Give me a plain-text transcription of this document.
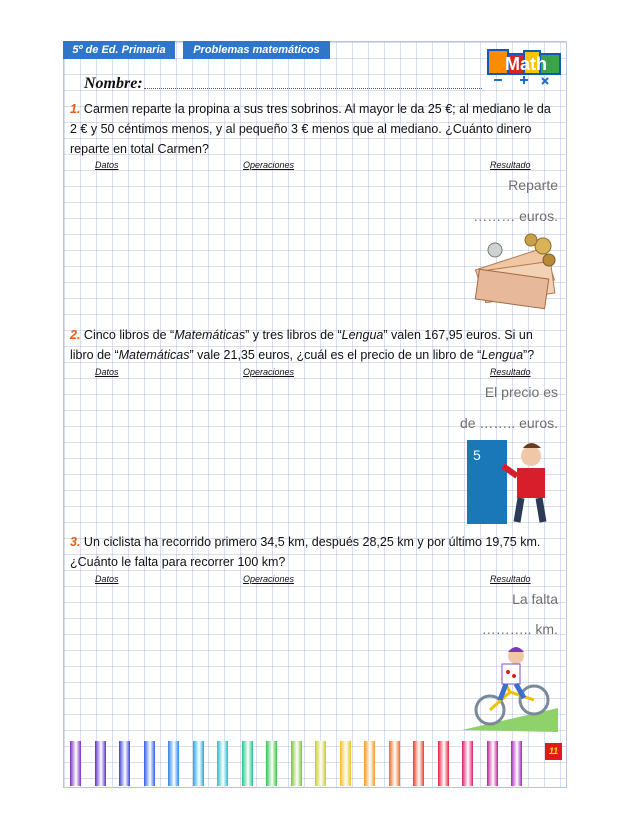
5º de Ed. Primaria	Problemas matemáticos
Math
Nombre:
1. Carmen reparte la propina a sus tres sobrinos. Al mayor le da 25 €; al mediano le da
2 € y 50 céntimos menos, y al pequeño 3 € menos que al mediano. ¿Cuánto dinero
reparte en total Carmen?
Datos	Operaciones	Resultado
Reparte
……… euros.
2. Cinco libros de “Matemáticas” y tres libros de “Lengua” valen 167,95 euros. Si un
libro de “Matemáticas” vale 21,35 euros, ¿cuál es el precio de un libro de “Lengua”?
Datos	Operaciones	Resultado
El precio es
de …….. euros.
5
3. Un ciclista ha recorrido primero 34,5 km, después 28,25 km y por último 19,75 km.
¿Cuánto le falta para recorrer 100 km?
Datos	Operaciones	Resultado
La falta
……….. km.
11
